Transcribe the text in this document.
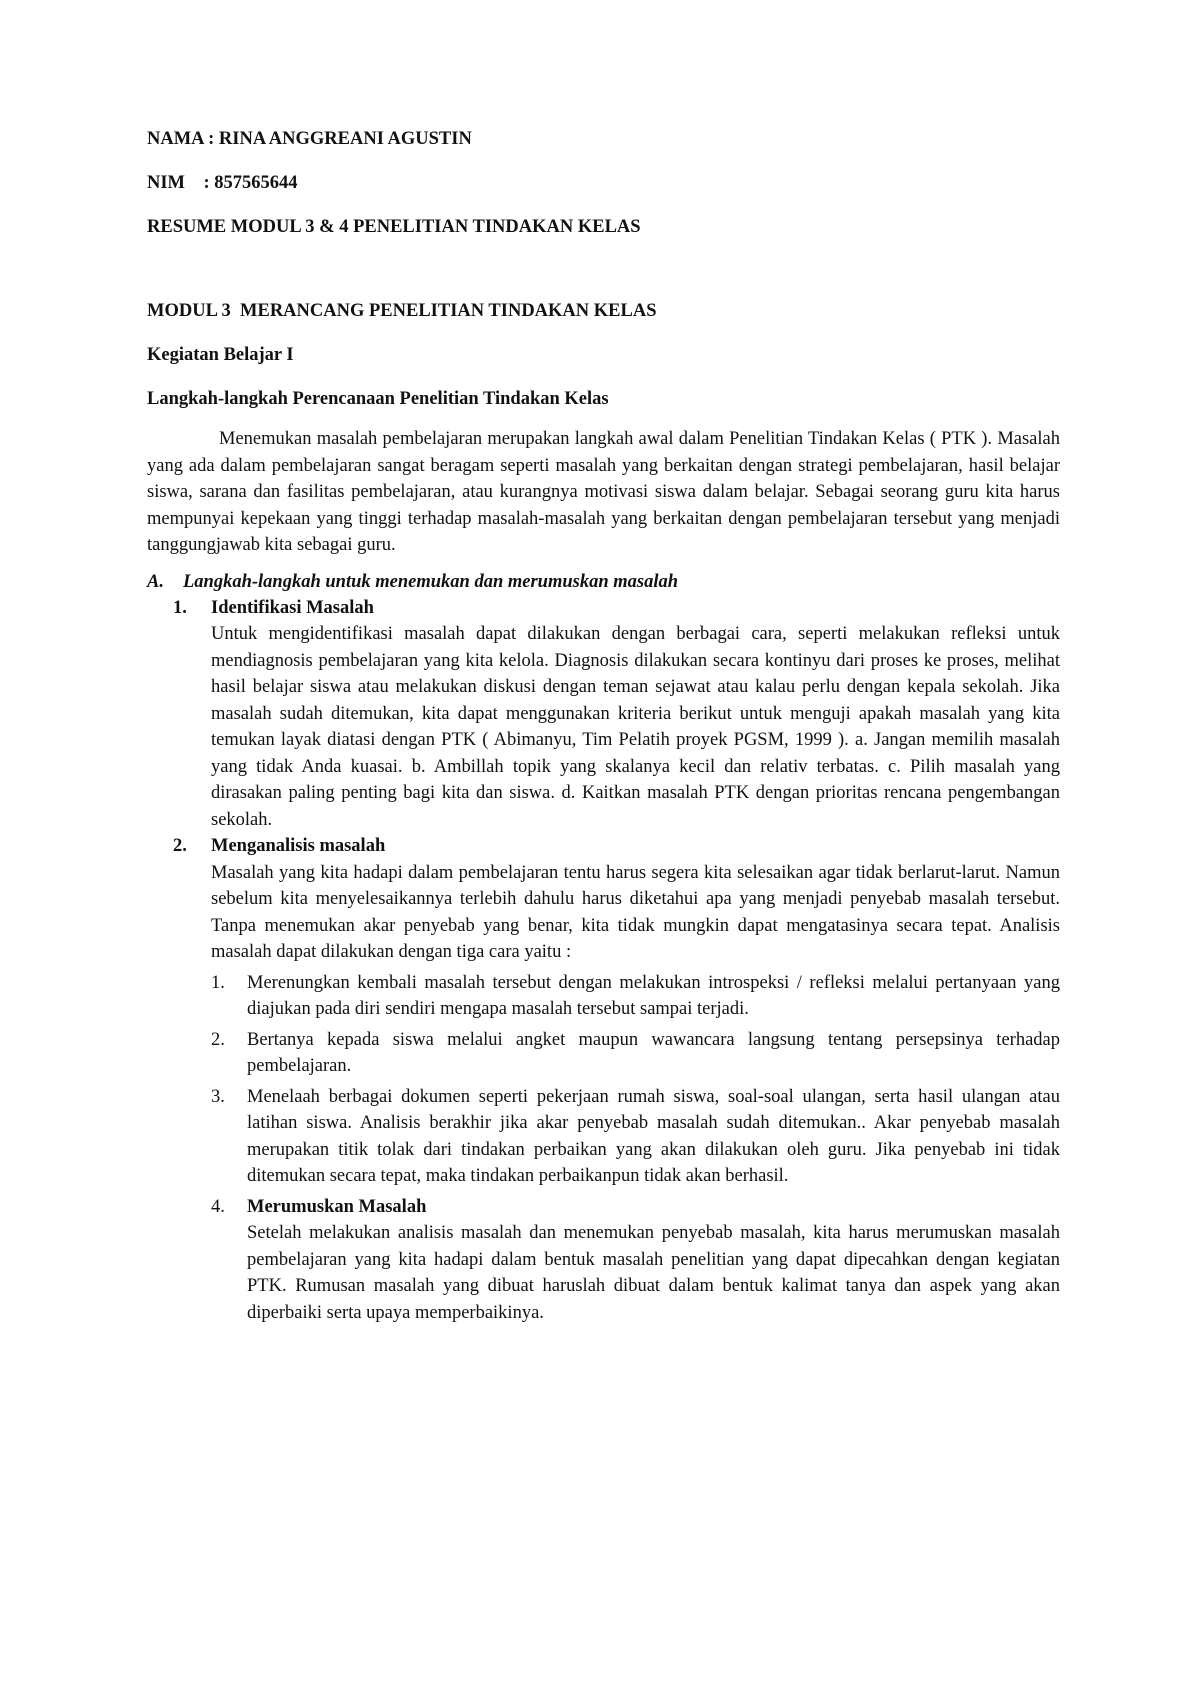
NAMA : RINA ANGGREANI AGUSTIN
NIM    : 857565644
RESUME MODUL 3 & 4 PENELITIAN TINDAKAN KELAS
MODUL 3  MERANCANG PENELITIAN TINDAKAN KELAS
Kegiatan Belajar I
Langkah-langkah Perencanaan Penelitian Tindakan Kelas

Menemukan masalah pembelajaran merupakan langkah awal dalam Penelitian Tindakan Kelas ( PTK ). Masalah yang ada dalam pembelajaran sangat beragam seperti masalah yang berkaitan dengan strategi pembelajaran, hasil belajar siswa, sarana dan fasilitas pembelajaran, atau kurangnya motivasi siswa dalam belajar. Sebagai seorang guru kita harus mempunyai kepekaan yang tinggi terhadap masalah-masalah yang berkaitan dengan pembelajaran tersebut yang menjadi tanggungjawab kita sebagai guru.

A. Langkah-langkah untuk menemukan dan merumuskan masalah
1. Identifikasi Masalah

Untuk mengidentifikasi masalah dapat dilakukan dengan berbagai cara, seperti melakukan refleksi untuk mendiagnosis pembelajaran yang kita kelola. Diagnosis dilakukan secara kontinyu dari proses ke proses, melihat hasil belajar siswa atau melakukan diskusi dengan teman sejawat atau kalau perlu dengan kepala sekolah. Jika masalah sudah ditemukan, kita dapat menggunakan kriteria berikut untuk menguji apakah masalah yang kita temukan layak diatasi dengan PTK ( Abimanyu, Tim Pelatih proyek PGSM, 1999 ). a. Jangan memilih masalah yang tidak Anda kuasai. b. Ambillah topik yang skalanya kecil dan relativ terbatas. c. Pilih masalah yang dirasakan paling penting bagi kita dan siswa. d. Kaitkan masalah PTK dengan prioritas rencana pengembangan sekolah.

2. Menganalisis masalah

Masalah yang kita hadapi dalam pembelajaran tentu harus segera kita selesaikan agar tidak berlarut-larut. Namun sebelum kita menyelesaikannya terlebih dahulu harus diketahui apa yang menjadi penyebab masalah tersebut. Tanpa menemukan akar penyebab yang benar, kita tidak mungkin dapat mengatasinya secara tepat. Analisis masalah dapat dilakukan dengan tiga cara yaitu :

1. Merenungkan kembali masalah tersebut dengan melakukan introspeksi / refleksi melalui pertanyaan yang diajukan pada diri sendiri mengapa masalah tersebut sampai terjadi.

2. Bertanya kepada siswa melalui angket maupun wawancara langsung tentang persepsinya terhadap pembelajaran.

3. Menelaah berbagai dokumen seperti pekerjaan rumah siswa, soal-soal ulangan, serta hasil ulangan atau latihan siswa. Analisis berakhir jika akar penyebab masalah sudah ditemukan.. Akar penyebab masalah merupakan titik tolak dari tindakan perbaikan yang akan dilakukan oleh guru. Jika penyebab ini tidak ditemukan secara tepat, maka tindakan perbaikanpun tidak akan berhasil.

4. Merumuskan Masalah

Setelah melakukan analisis masalah dan menemukan penyebab masalah, kita harus merumuskan masalah pembelajaran yang kita hadapi dalam bentuk masalah penelitian yang dapat dipecahkan dengan kegiatan PTK. Rumusan masalah yang dibuat haruslah dibuat dalam bentuk kalimat tanya dan aspek yang akan diperbaiki serta upaya memperbaikinya.
